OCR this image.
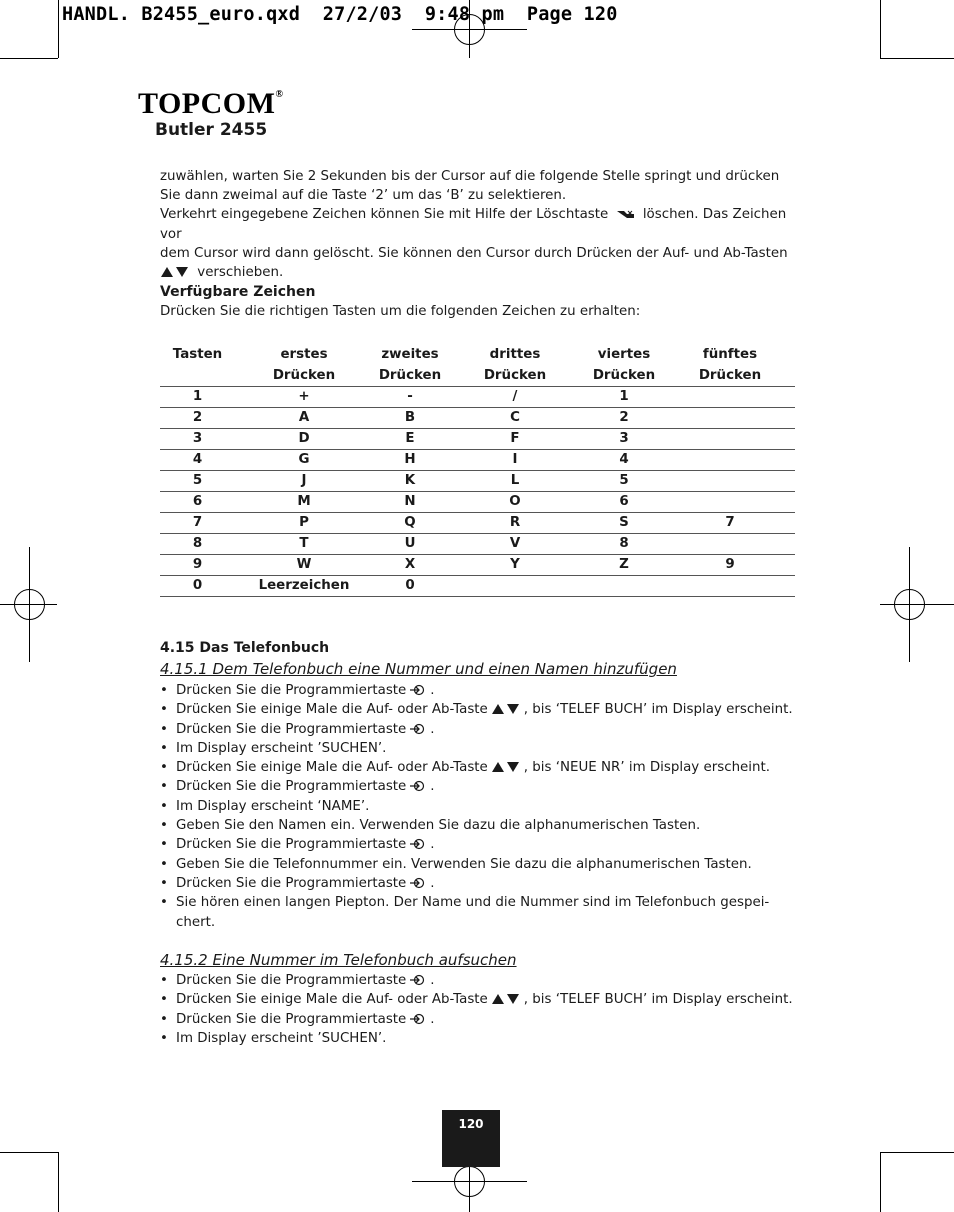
HANDL. B2455_euro.qxd  27/2/03  9:48 pm  Page 120
TOPCOM®
Butler 2455
zuwählen, warten Sie 2 Sekunden bis der Cursor auf die folgende Stelle springt und drücken
Sie dann zweimal auf die Taste ‘2’ um das ‘B’ zu selektieren.
Verkehrt eingegebene Zeichen können Sie mit Hilfe der Löschtaste	löschen. Das Zeichen vor
dem Cursor wird dann gelöscht. Sie können den Cursor durch Drücken der Auf- und Ab-Tasten
verschieben.
Verfügbare Zeichen
Drücken Sie die richtigen Tasten um die folgenden Zeichen zu erhalten:
Tasten	erstes	zweites	drittes	viertes	fünftes
	Drücken	Drücken	Drücken	Drücken	Drücken
1	+	-	/	1	
2	A	B	C	2	
3	D	E	F	3	
4	G	H	I	4	
5	J	K	L	5	
6	M	N	O	6	
7	P	Q	R	S	7
8	T	U	V	8	
9	W	X	Y	Z	9
0	Leerzeichen	0			
4.15 Das Telefonbuch
4.15.1 Dem Telefonbuch eine Nummer und einen Namen hinzufügen
• Drücken Sie die Programmiertaste .
• Drücken Sie einige Male die Auf- oder Ab-Taste	, bis ‘TELEF BUCH’ im Display erscheint.
• Drücken Sie die Programmiertaste .
• Im Display erscheint ’SUCHEN’.
• Drücken Sie einige Male die Auf- oder Ab-Taste	, bis ‘NEUE NR’ im Display erscheint.
• Drücken Sie die Programmiertaste .
• Im Display erscheint ‘NAME’.
• Geben Sie den Namen ein. Verwenden Sie dazu die alphanumerischen Tasten.
• Drücken Sie die Programmiertaste .
• Geben Sie die Telefonnummer ein. Verwenden Sie dazu die alphanumerischen Tasten.
• Drücken Sie die Programmiertaste .
• Sie hören einen langen Piepton. Der Name und die Nummer sind im Telefonbuch gespei-
chert.
4.15.2 Eine Nummer im Telefonbuch aufsuchen
• Drücken Sie die Programmiertaste .
• Drücken Sie einige Male die Auf- oder Ab-Taste	, bis ‘TELEF BUCH’ im Display erscheint.
• Drücken Sie die Programmiertaste .
• Im Display erscheint ’SUCHEN’.
120
